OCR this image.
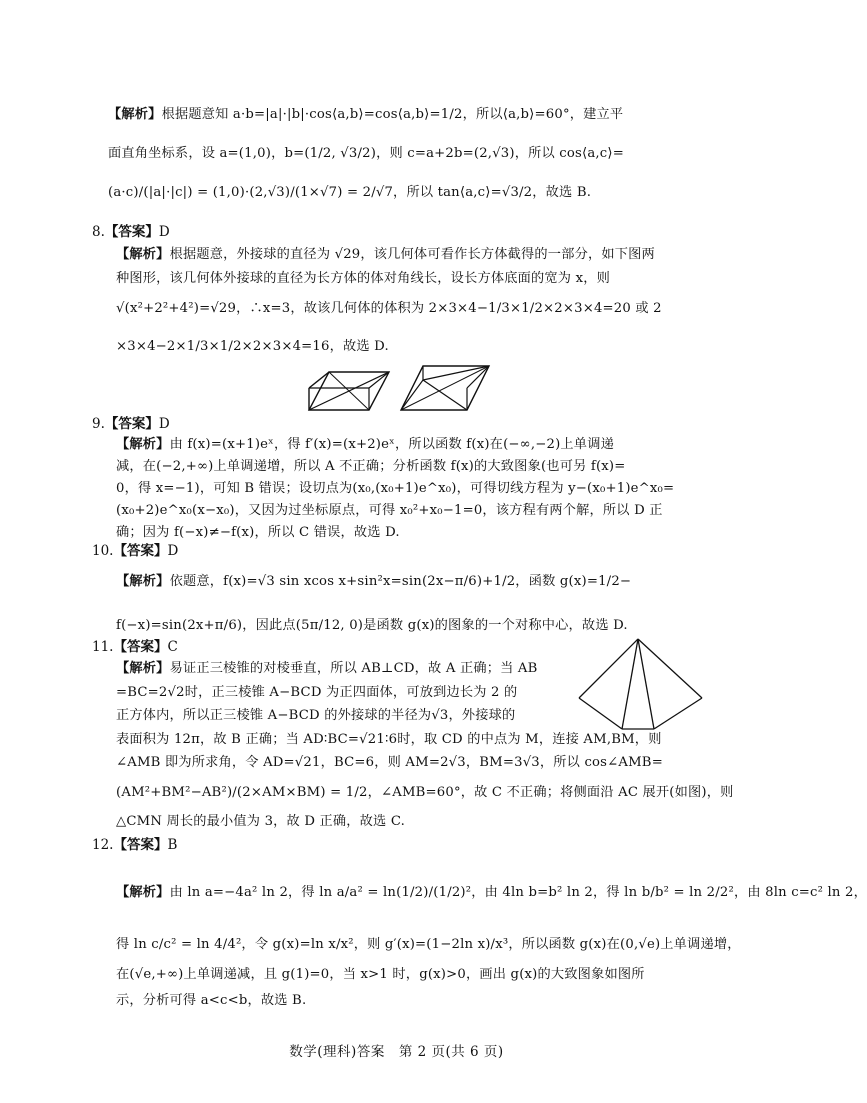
【解析】根据题意知 a·b=|a|·|b|·cos⟨a,b⟩=cos⟨a,b⟩=1/2，所以⟨a,b⟩=60°，建立平
面直角坐标系，设 a=(1,0)，b=(1/2, √3/2)，则 c=a+2b=(2,√3)，所以 cos⟨a,c⟩=
(a·c)/(|a|·|c|) = (1,0)·(2,√3)/(1×√7) = 2/√7，所以 tan⟨a,c⟩=√3/2，故选 B.
8.【答案】D
【解析】根据题意，外接球的直径为 √29，该几何体可看作长方体截得的一部分，如下图两
种图形，该几何体外接球的直径为长方体的体对角线长，设长方体底面的宽为 x，则
√(x²+2²+4²)=√29，∴x=3，故该几何体的体积为 2×3×4−1/3×1/2×2×3×4=20 或 2
×3×4−2×1/3×1/2×2×3×4=16，故选 D.
9.【答案】D
【解析】由 f(x)=(x+1)eˣ，得 f′(x)=(x+2)eˣ，所以函数 f(x)在(−∞,−2)上单调递
减，在(−2,+∞)上单调递增，所以 A 不正确；分析函数 f(x)的大致图象(也可另 f(x)=
0，得 x=−1)，可知 B 错误；设切点为(x₀,(x₀+1)e^x₀)，可得切线方程为 y−(x₀+1)e^x₀=
(x₀+2)e^x₀(x−x₀)，又因为过坐标原点，可得 x₀²+x₀−1=0，该方程有两个解，所以 D 正
确；因为 f(−x)≠−f(x)，所以 C 错误，故选 D.
10.【答案】D
【解析】依题意，f(x)=√3 sin xcos x+sin²x=sin(2x−π/6)+1/2，函数 g(x)=1/2−
f(−x)=sin(2x+π/6)，因此点(5π/12, 0)是函数 g(x)的图象的一个对称中心，故选 D.
11.【答案】C
【解析】易证正三棱锥的对棱垂直，所以 AB⊥CD，故 A 正确；当 AB
=BC=2√2时，正三棱锥 A−BCD 为正四面体，可放到边长为 2 的
正方体内，所以正三棱锥 A−BCD 的外接球的半径为√3，外接球的
表面积为 12π，故 B 正确；当 AD∶BC=√21∶6时，取 CD 的中点为 M，连接 AM,BM，则
∠AMB 即为所求角，令 AD=√21，BC=6，则 AM=2√3，BM=3√3，所以 cos∠AMB=
(AM²+BM²−AB²)/(2×AM×BM) = 1/2，∠AMB=60°，故 C 不正确；将侧面沿 AC 展开(如图)，则
△CMN 周长的最小值为 3，故 D 正确，故选 C.
12.【答案】B
【解析】由 ln a=−4a² ln 2，得 ln a/a² = ln(1/2)/(1/2)²，由 4ln b=b² ln 2，得 ln b/b² = ln 2/2²，由 8ln c=c² ln 2，
得 ln c/c² = ln 4/4²，令 g(x)=ln x/x²，则 g′(x)=(1−2ln x)/x³，所以函数 g(x)在(0,√e)上单调递增，
在(√e,+∞)上单调递减，且 g(1)=0，当 x>1 时，g(x)>0，画出 g(x)的大致图象如图所
示，分析可得 a<c<b，故选 B.
数学(理科)答案　第 2 页(共 6 页)
